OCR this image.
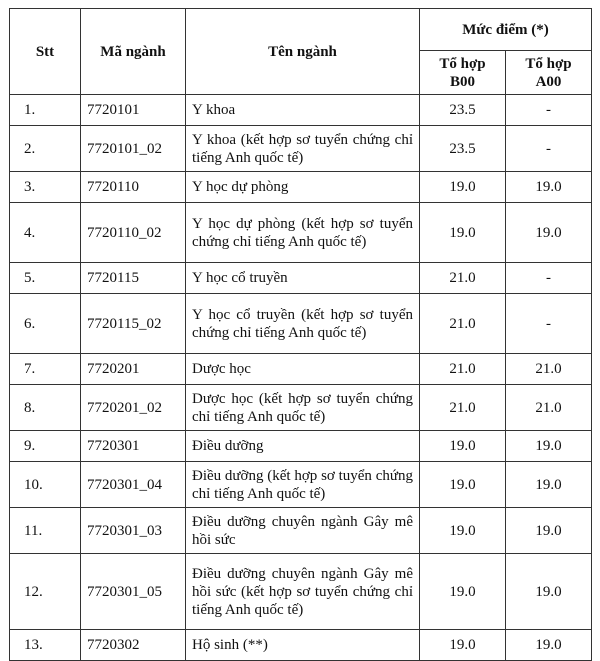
Stt	Mã ngành	Tên ngành	Mức điểm (*)	
			Tổ hợp B00	Tổ hợp A00
1.	7720101	Y khoa	23.5	-
2.	7720101_02	Y khoa (kết hợp sơ tuyển chứng chỉ tiếng Anh quốc tế)	23.5	-
3.	7720110	Y học dự phòng	19.0	19.0
4.	7720110_02	Y học dự phòng (kết hợp sơ tuyển chứng chỉ tiếng Anh quốc tế)	19.0	19.0
5.	7720115	Y học cổ truyền	21.0	-
6.	7720115_02	Y học cổ truyền (kết hợp sơ tuyển chứng chỉ tiếng Anh quốc tế)	21.0	-
7.	7720201	Dược học	21.0	21.0
8.	7720201_02	Dược học (kết hợp sơ tuyển chứng chỉ tiếng Anh quốc tế)	21.0	21.0
9.	7720301	Điều dưỡng	19.0	19.0
10.	7720301_04	Điều dưỡng (kết hợp sơ tuyển chứng chỉ tiếng Anh quốc tế)	19.0	19.0
11.	7720301_03	Điều dưỡng chuyên ngành Gây mê hồi sức	19.0	19.0
12.	7720301_05	Điều dưỡng chuyên ngành Gây mê hồi sức (kết hợp sơ tuyển chứng chỉ tiếng Anh quốc tế)	19.0	19.0
13.	7720302	Hộ sinh (**)	19.0	19.0
